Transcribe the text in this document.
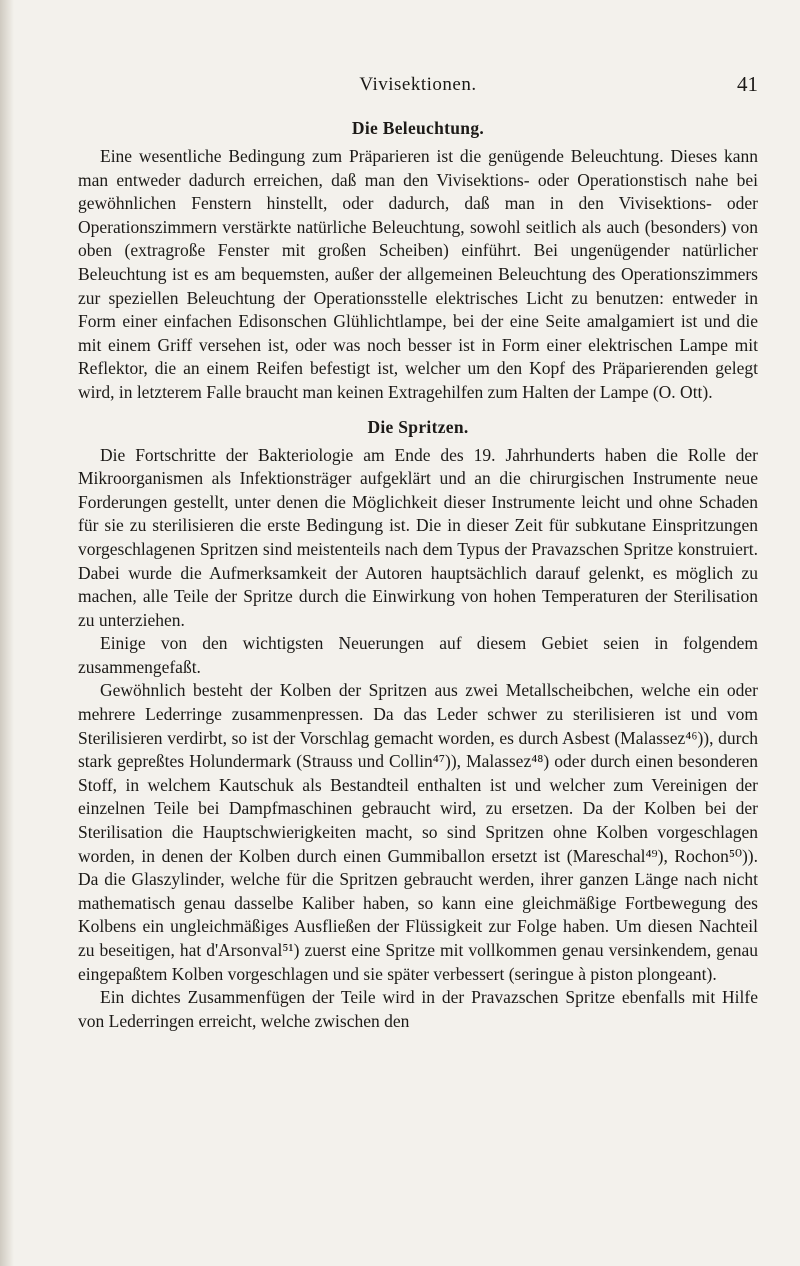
Vivisektionen.	41
Die Beleuchtung.

Eine wesentliche Bedingung zum Präparieren ist die genügende Beleuchtung. Dieses kann man entweder dadurch erreichen, daß man den Vivisektions- oder Operationstisch nahe bei gewöhnlichen Fenstern hinstellt, oder dadurch, daß man in den Vivisektions- oder Operationszimmern verstärkte natürliche Beleuchtung, sowohl seitlich als auch (besonders) von oben (extragroße Fenster mit großen Scheiben) einführt. Bei ungenügender natürlicher Beleuchtung ist es am bequemsten, außer der allgemeinen Beleuchtung des Operationszimmers zur speziellen Beleuchtung der Operationsstelle elektrisches Licht zu benutzen: entweder in Form einer einfachen Edisonschen Glühlichtlampe, bei der eine Seite amalgamiert ist und die mit einem Griff versehen ist, oder was noch besser ist in Form einer elektrischen Lampe mit Reflektor, die an einem Reifen befestigt ist, welcher um den Kopf des Präparierenden gelegt wird, in letzterem Falle braucht man keinen Extragehilfen zum Halten der Lampe (O. Ott).

Die Spritzen.

Die Fortschritte der Bakteriologie am Ende des 19. Jahrhunderts haben die Rolle der Mikroorganismen als Infektionsträger aufgeklärt und an die chirurgischen Instrumente neue Forderungen gestellt, unter denen die Möglichkeit dieser Instrumente leicht und ohne Schaden für sie zu sterilisieren die erste Bedingung ist. Die in dieser Zeit für subkutane Einspritzungen vorgeschlagenen Spritzen sind meistenteils nach dem Typus der Pravazschen Spritze konstruiert. Dabei wurde die Aufmerksamkeit der Autoren hauptsächlich darauf gelenkt, es möglich zu machen, alle Teile der Spritze durch die Einwirkung von hohen Temperaturen der Sterilisation zu unterziehen.

Einige von den wichtigsten Neuerungen auf diesem Gebiet seien in folgendem zusammengefaßt.

Gewöhnlich besteht der Kolben der Spritzen aus zwei Metallscheibchen, welche ein oder mehrere Lederringe zusammenpressen. Da das Leder schwer zu sterilisieren ist und vom Sterilisieren verdirbt, so ist der Vorschlag gemacht worden, es durch Asbest (Malassez⁴⁶)), durch stark gepreßtes Holundermark (Strauss und Collin⁴⁷)), Malassez⁴⁸) oder durch einen besonderen Stoff, in welchem Kautschuk als Bestandteil enthalten ist und welcher zum Vereinigen der einzelnen Teile bei Dampfmaschinen gebraucht wird, zu ersetzen. Da der Kolben bei der Sterilisation die Hauptschwierigkeiten macht, so sind Spritzen ohne Kolben vorgeschlagen worden, in denen der Kolben durch einen Gummiballon ersetzt ist (Mareschal⁴⁹), Rochon⁵⁰)). Da die Glaszylinder, welche für die Spritzen gebraucht werden, ihrer ganzen Länge nach nicht mathematisch genau dasselbe Kaliber haben, so kann eine gleichmäßige Fortbewegung des Kolbens ein ungleichmäßiges Ausfließen der Flüssigkeit zur Folge haben. Um diesen Nachteil zu beseitigen, hat d'Arsonval⁵¹) zuerst eine Spritze mit vollkommen genau versinkendem, genau eingepaßtem Kolben vorgeschlagen und sie später verbessert (seringue à piston plongeant).

Ein dichtes Zusammenfügen der Teile wird in der Pravazschen Spritze ebenfalls mit Hilfe von Lederringen erreicht, welche zwischen den
